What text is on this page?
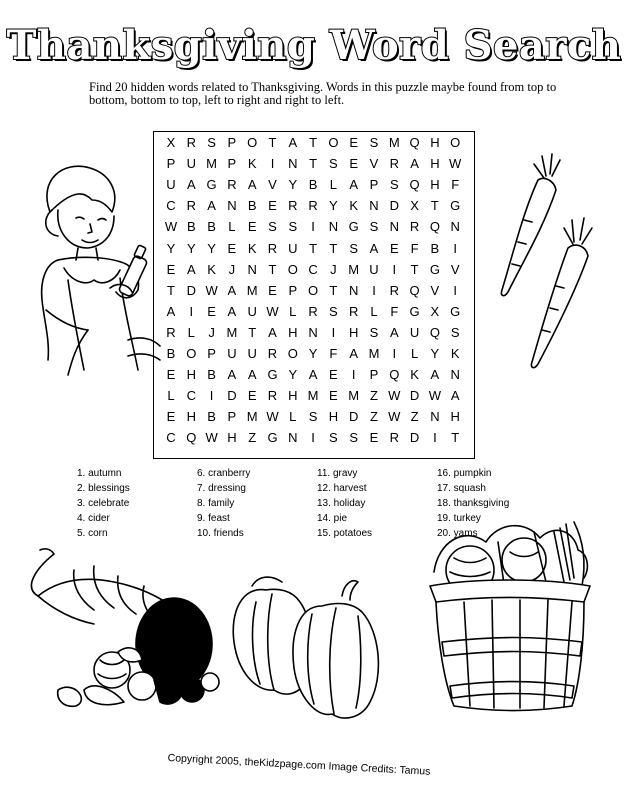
Thanksgiving Word Search
Find 20 hidden words related to Thanksgiving. Words in this puzzle maybe found from top to bottom, bottom to top, left to right and right to left.
X R S P O T A T O E S M Q H O
P U M P K	I	N T S E V R A H W
U A G R A V Y B L A P S Q H F
C R A N B E R R Y K N D X T G
W B B L E S S	I	N G S N R Q N
Y Y Y E K R U T T S A E F B	I
E A K J N T O C J M U	I	T G V
T D W A M E P O T N	I	R Q V	I
A	I	E A U W L R S R L F G X G
R L	J M T A H N	I	H S A U Q S
B O P U U R O Y F A M	I	L Y K
E H B A A G Y A E	I	P Q K A N
L C	I	D E R H M E M Z W D W A
E H B P M W L S H D Z W Z N H
C Q W H Z G N	I	S S E R D	I	T
1. autumn
2. blessings
3. celebrate
4. cider
5. corn
6. cranberry
7. dressing
8. family
9. feast
10. friends
11. gravy
12. harvest
13. holiday
14. pie
15. potatoes
16. pumpkin
17. squash
18. thanksgiving
19. turkey
20. yams
Copyright 2005, theKidzpage.com Image Credits: Tamus
